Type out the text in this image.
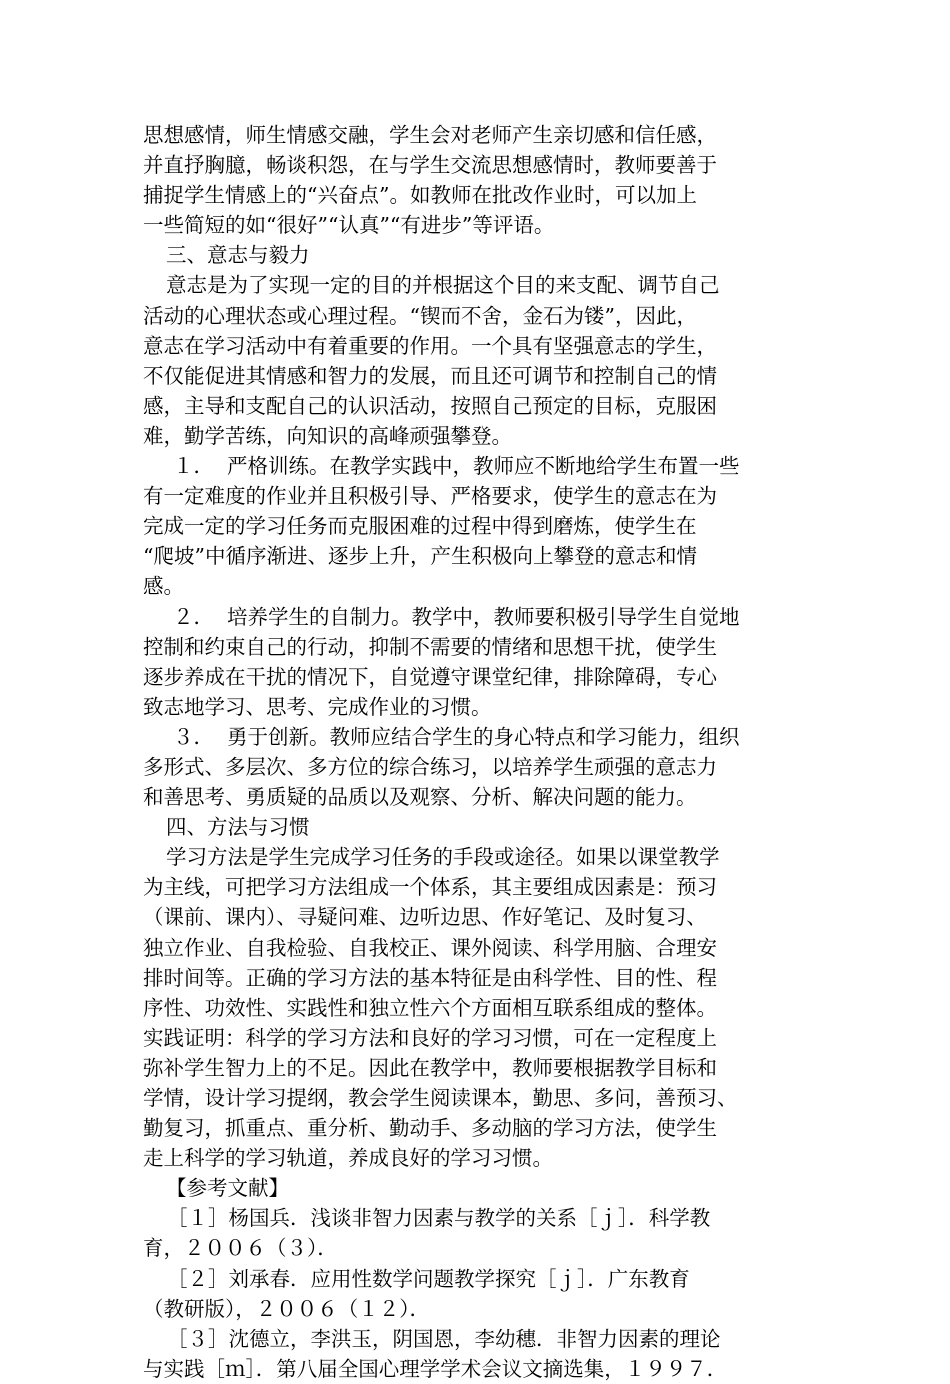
思想感情，师生情感交融，学生会对老师产生亲切感和信任感，
并直抒胸臆，畅谈积怨，在与学生交流思想感情时，教师要善于
捕捉学生情感上的“兴奋点”。如教师在批改作业时，可以加上
一些简短的如“很好”“认真”“有进步”等评语。
三、意志与毅力
意志是为了实现一定的目的并根据这个目的来支配、调节自己
活动的心理状态或心理过程。“锲而不舍，金石为镂”，因此，
意志在学习活动中有着重要的作用。一个具有坚强意志的学生，
不仅能促进其情感和智力的发展，而且还可调节和控制自己的情
感，主导和支配自己的认识活动，按照自己预定的目标，克服困
难，勤学苦练，向知识的高峰顽强攀登。
１．  严格训练。在教学实践中，教师应不断地给学生布置一些
有一定难度的作业并且积极引导、严格要求，使学生的意志在为
完成一定的学习任务而克服困难的过程中得到磨炼，使学生在
“爬坡”中循序渐进、逐步上升，产生积极向上攀登的意志和情
感。
２．  培养学生的自制力。教学中，教师要积极引导学生自觉地
控制和约束自己的行动，抑制不需要的情绪和思想干扰，使学生
逐步养成在干扰的情况下，自觉遵守课堂纪律，排除障碍，专心
致志地学习、思考、完成作业的习惯。
３．  勇于创新。教师应结合学生的身心特点和学习能力，组织
多形式、多层次、多方位的综合练习，以培养学生顽强的意志力
和善思考、勇质疑的品质以及观察、分析、解决问题的能力。
四、方法与习惯
学习方法是学生完成学习任务的手段或途径。如果以课堂教学
为主线，可把学习方法组成一个体系，其主要组成因素是：预习
（课前、课内）、寻疑问难、边听边思、作好笔记、及时复习、
独立作业、自我检验、自我校正、课外阅读、科学用脑、合理安
排时间等。正确的学习方法的基本特征是由科学性、目的性、程
序性、功效性、实践性和独立性六个方面相互联系组成的整体。
实践证明：科学的学习方法和良好的学习习惯，可在一定程度上
弥补学生智力上的不足。因此在教学中，教师要根据教学目标和
学情，设计学习提纲，教会学生阅读课本，勤思、多问，善预习、
勤复习，抓重点、重分析、勤动手、多动脑的学习方法，使学生
走上科学的学习轨道，养成良好的学习习惯。
【参考文献】
［１］杨国兵．浅谈非智力因素与教学的关系［ｊ］．科学教
育，２００６（３）．
［２］刘承春．应用性数学问题教学探究［ｊ］．广东教育
（教研版），２００６（１２）．
［３］沈德立，李洪玉，阴国恩，李幼穗．非智力因素的理论
与实践［ｍ］．第八届全国心理学学术会议文摘选集，１９９７．
